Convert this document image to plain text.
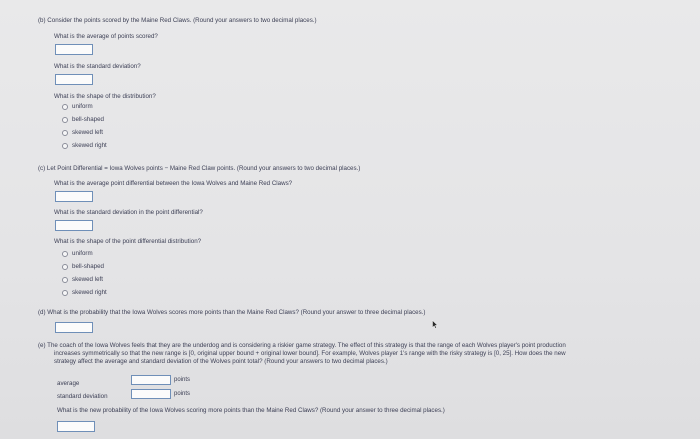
(b) Consider the points scored by the Maine Red Claws. (Round your answers to two decimal places.)
What is the average of points scored?
What is the standard deviation?
What is the shape of the distribution?
uniform
bell-shaped
skewed left
skewed right
(c) Let Point Differential = Iowa Wolves points − Maine Red Claw points. (Round your answers to two decimal places.)
What is the average point differential between the Iowa Wolves and Maine Red Claws?
What is the standard deviation in the point differential?
What is the shape of the point differential distribution?
uniform
bell-shaped
skewed left
skewed right
(d) What is the probability that the Iowa Wolves scores more points than the Maine Red Claws? (Round your answer to three decimal places.)
(e) The coach of the Iowa Wolves feels that they are the underdog and is considering a riskier game strategy. The effect of this strategy is that the range of each Wolves player's point production
increases symmetrically so that the new range is [0, original upper bound + original lower bound]. For example, Wolves player 1's range with the risky strategy is [0, 25]. How does the new
strategy affect the average and standard deviation of the Wolves point total? (Round your answers to two decimal places.)
average	points
standard deviation	points
What is the new probability of the Iowa Wolves scoring more points than the Maine Red Claws? (Round your answer to three decimal places.)
